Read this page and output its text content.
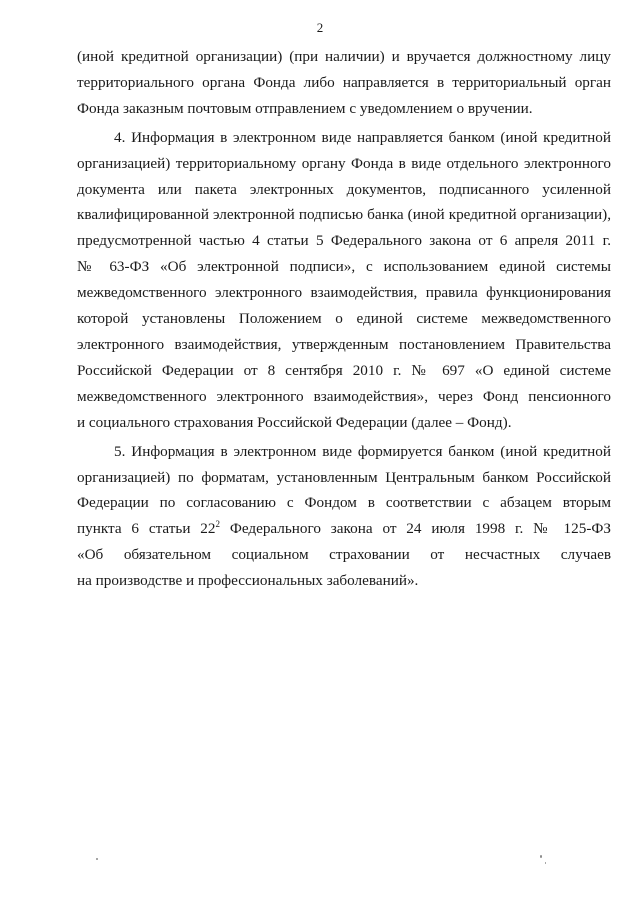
2

(иной кредитной организации) (при наличии) и вручается должностному лицу
территориального органа Фонда либо направляется в территориальный орган
Фонда заказным почтовым отправлением с уведомлением о вручении.

4. Информация в электронном виде направляется банком (иной кредитной
организацией) территориальному органу Фонда в виде отдельного электронного
документа или пакета электронных документов, подписанного усиленной
квалифицированной электронной подписью банка (иной кредитной организации),
предусмотренной частью 4 статьи 5 Федерального закона от 6 апреля 2011 г.
№ 63-ФЗ «Об электронной подписи», с использованием единой системы
межведомственного электронного взаимодействия, правила функционирования
которой установлены Положением о единой системе межведомственного
электронного взаимодействия, утвержденным постановлением Правительства
Российской Федерации от 8 сентября 2010 г. № 697 «О единой системе
межведомственного электронного взаимодействия», через Фонд пенсионного
и социального страхования Российской Федерации (далее – Фонд).

5. Информация в электронном виде формируется банком (иной кредитной
организацией) по форматам, установленным Центральным банком Российской
Федерации по согласованию с Фондом в соответствии с абзацем вторым
пункта 6 статьи $22^2$ Федерального закона от 24 июля 1998 г. № 125-ФЗ
«Об обязательном социальном страховании от несчастных случаев
на производстве и профессиональных заболеваний».
